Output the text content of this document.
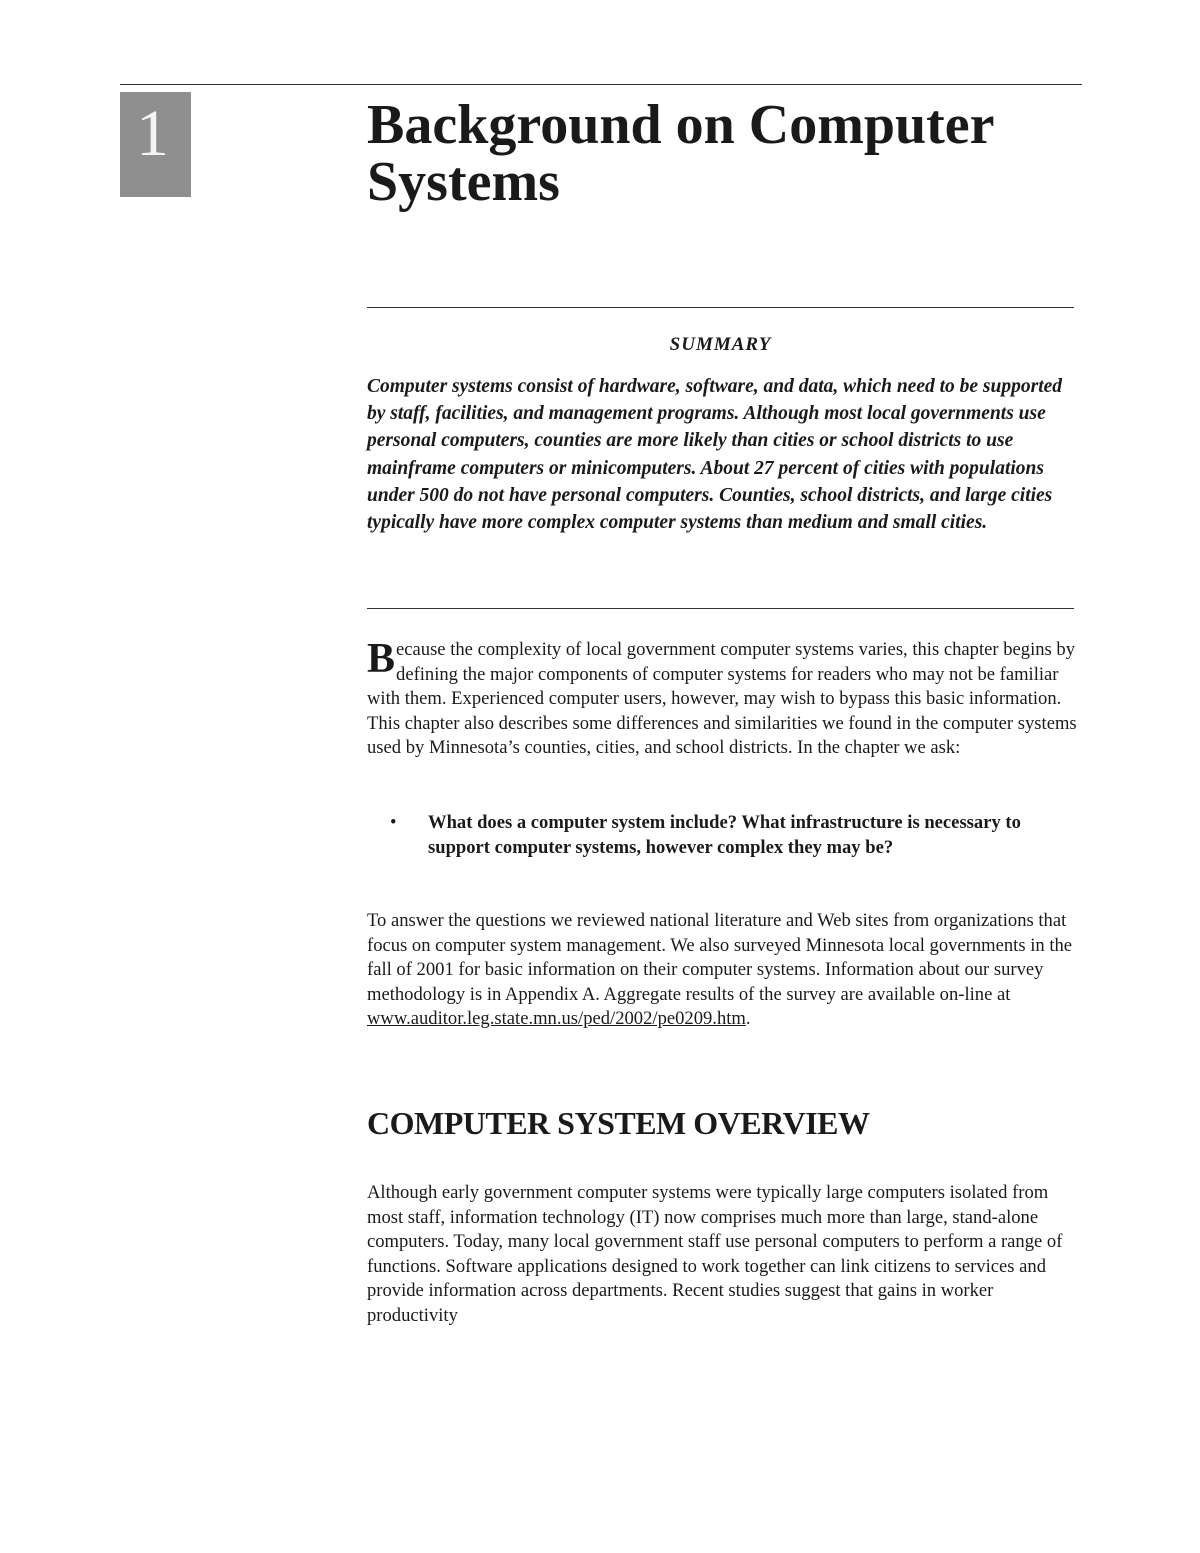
1	Background on Computer
Systems
SUMMARY

Computer systems consist of hardware, software, and data, which need to be supported by staff, facilities, and management programs. Although most local governments use personal computers, counties are more likely than cities or school districts to use mainframe computers or minicomputers. About 27 percent of cities with populations under 500 do not have personal computers. Counties, school districts, and large cities typically have more complex computer systems than medium and small cities.

Because the complexity of local government computer systems varies, this chapter begins by defining the major components of computer systems for readers who may not be familiar with them. Experienced computer users, however, may wish to bypass this basic information. This chapter also describes some differences and similarities we found in the computer systems used by Minnesota’s counties, cities, and school districts. In the chapter we ask:

• What does a computer system include? What infrastructure is necessary to support computer systems, however complex they may be?

To answer the questions we reviewed national literature and Web sites from organizations that focus on computer system management. We also surveyed Minnesota local governments in the fall of 2001 for basic information on their computer systems. Information about our survey methodology is in Appendix A. Aggregate results of the survey are available on-line at www.auditor.leg.state.mn.us/ped/2002/pe0209.htm.

COMPUTER SYSTEM OVERVIEW

Although early government computer systems were typically large computers isolated from most staff, information technology (IT) now comprises much more than large, stand-alone computers. Today, many local government staff use personal computers to perform a range of functions. Software applications designed to work together can link citizens to services and provide information across departments. Recent studies suggest that gains in worker productivity
